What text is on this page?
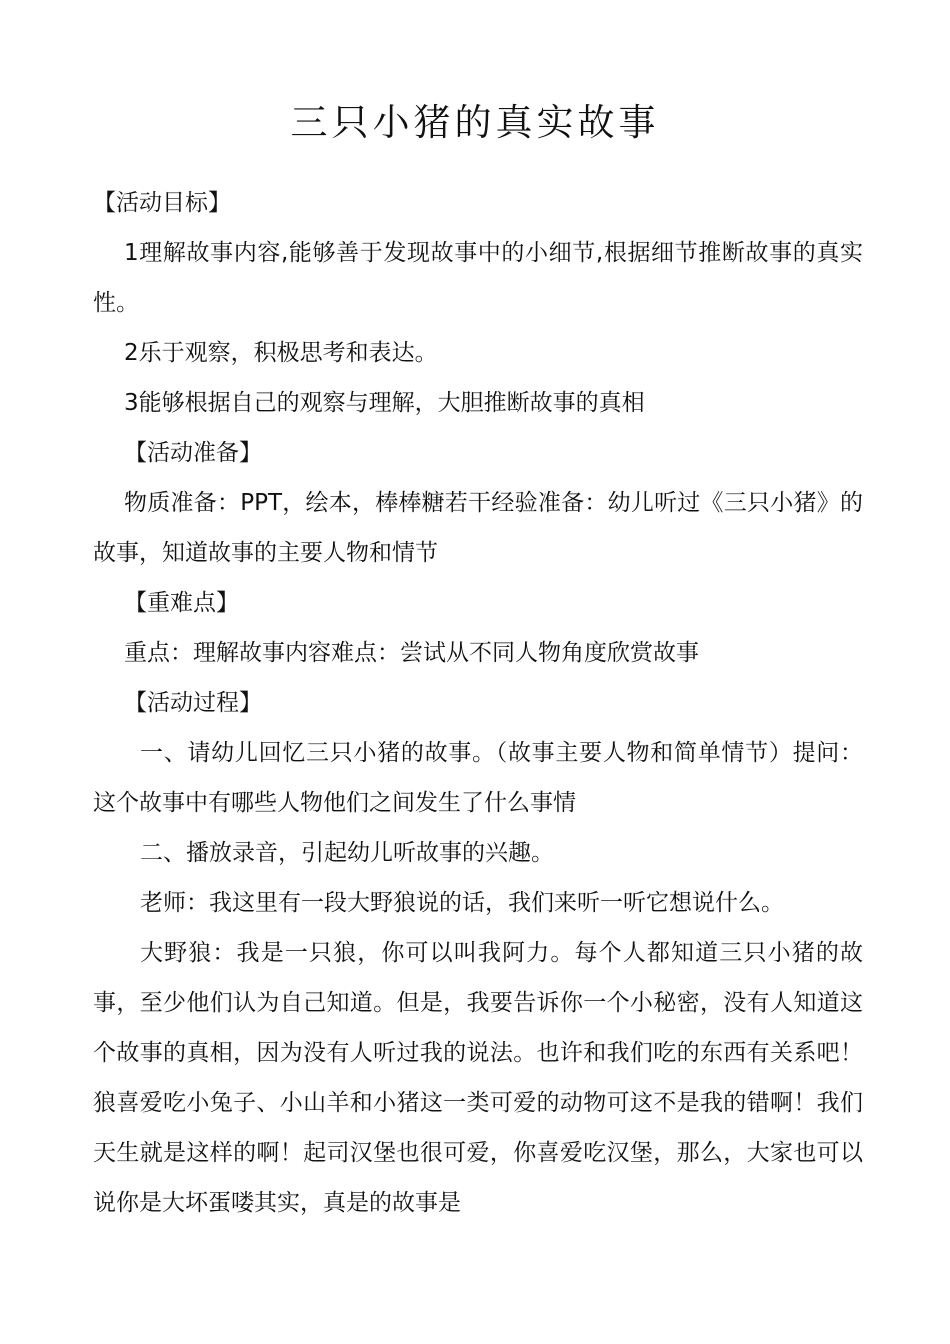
三只小猪的真实故事

【活动目标】

1理解故事内容,能够善于发现故事中的小细节,根据细节推断故事的真实性。

2乐于观察，积极思考和表达。

3能够根据自己的观察与理解，大胆推断故事的真相

【活动准备】

物质准备：PPT，绘本，棒棒糖若干经验准备：幼儿听过《三只小猪》的故事，知道故事的主要人物和情节

【重难点】

重点：理解故事内容难点：尝试从不同人物角度欣赏故事

【活动过程】

一、请幼儿回忆三只小猪的故事。（故事主要人物和简单情节）提问：这个故事中有哪些人物他们之间发生了什么事情

二、播放录音，引起幼儿听故事的兴趣。

老师：我这里有一段大野狼说的话，我们来听一听它想说什么。

大野狼：我是一只狼，你可以叫我阿力。每个人都知道三只小猪的故事，至少他们认为自己知道。但是，我要告诉你一个小秘密，没有人知道这个故事的真相，因为没有人听过我的说法。也许和我们吃的东西有关系吧！狼喜爱吃小兔子、小山羊和小猪这一类可爱的动物可这不是我的错啊！我们天生就是这样的啊！起司汉堡也很可爱，你喜爱吃汉堡，那么，大家也可以说你是大坏蛋喽其实，真是的故事是
